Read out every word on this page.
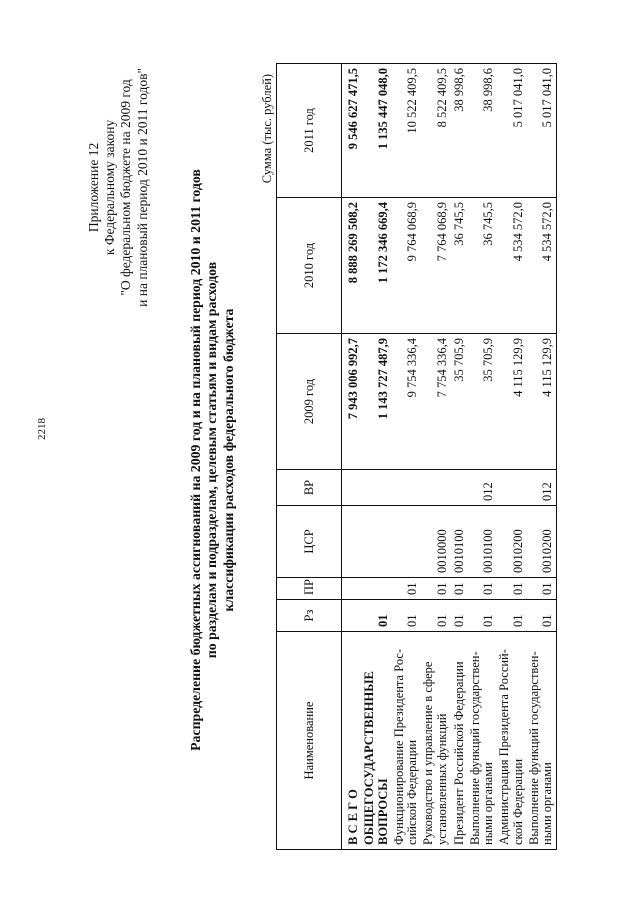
2218
Приложение 12 к Федеральному закону "О федеральном бюджете на 2009 год и на плановый период 2010 и 2011 годов"	Распределение бюджетных ассигнований на 2009 год и на плановый период 2010 и 2011 годов по разделам и подразделам, целевым статьям и видам расходов классификации расходов федерального бюджета
Сумма (тыс. рублей)
Наименование	Рз	ПР	ЦСР	ВР	2009 год	2010 год	2011 год
В С Е Г О					7 943 006 992,7	8 888 269 508,2	9 546 627 471,5
ОБЩЕГОСУДАРСТВЕННЫЕ ВОПРОСЫ	01				1 143 727 487,9	1 172 346 669,4	1 135 447 048,0
Функционирование Президента Рос-сийской Федерации	01	01			9 754 336,4	9 764 068,9	10 522 409,5
Руководство и управление в сфере установленных функций	01	01	0010000		7 754 336,4	7 764 068,9	8 522 409,5
Президент Российской Федерации	01	01	0010100		35 705,9	36 745,5	38 998,6
Выполнение функций государствен-ными органами	01	01	0010100	012	35 705,9	36 745,5	38 998,6
Администрация Президента Россий-ской Федерации	01	01	0010200		4 115 129,9	4 534 572,0	5 017 041,0
Выполнение функций государствен-ными органами	01	01	0010200	012	4 115 129,9	4 534 572,0	5 017 041,0
